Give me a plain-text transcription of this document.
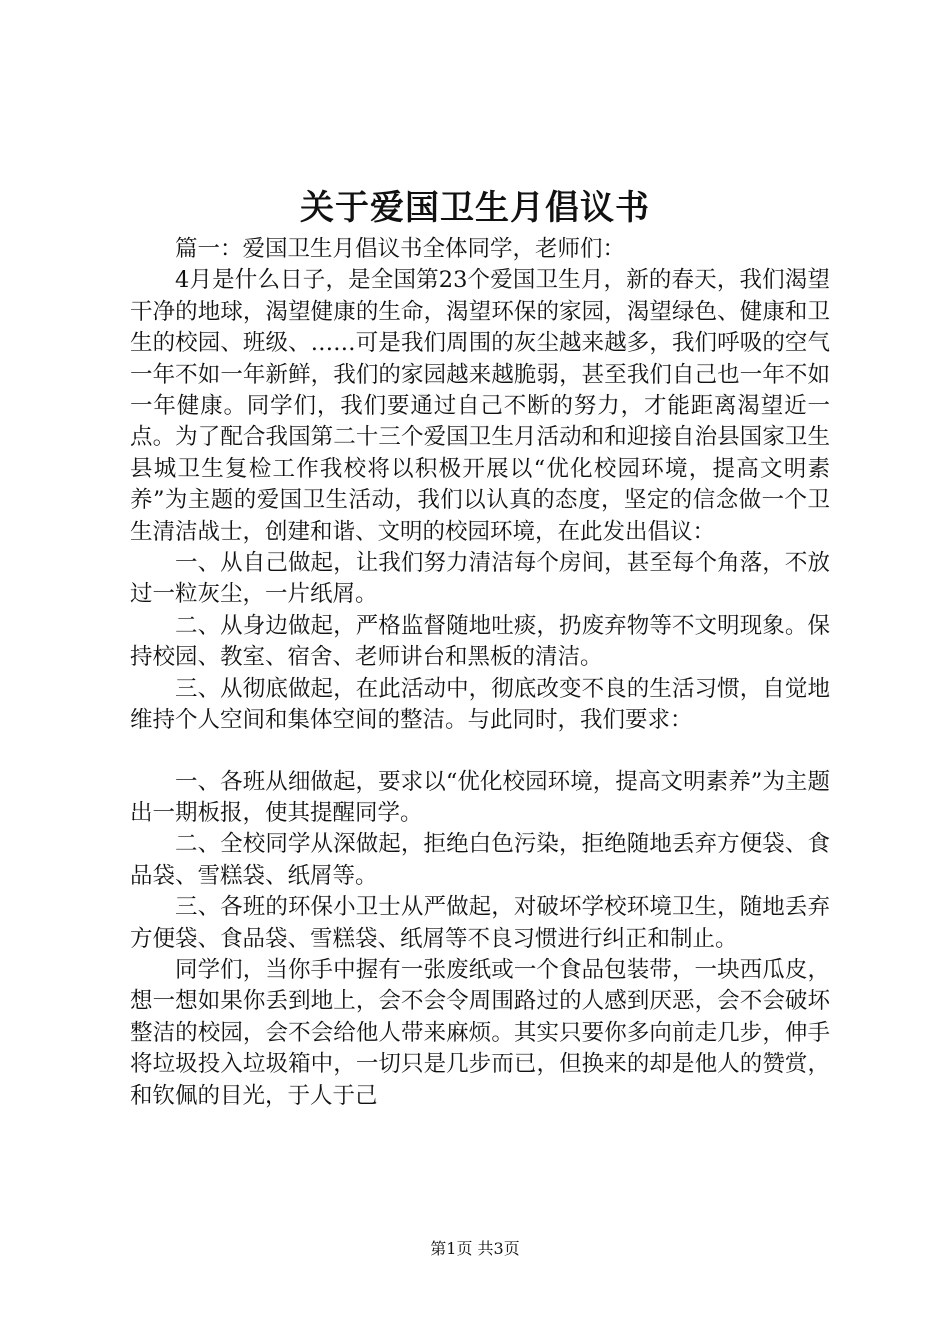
关于爱国卫生月倡议书

篇一：爱国卫生月倡议书全体同学，老师们：

4月是什么日子，是全国第23个爱国卫生月，新的春天，我们渴望干净的地球，渴望健康的生命，渴望环保的家园，渴望绿色、健康和卫生的校园、班级、……可是我们周围的灰尘越来越多，我们呼吸的空气一年不如一年新鲜，我们的家园越来越脆弱，甚至我们自己也一年不如一年健康。同学们，我们要通过自己不断的努力，才能距离渴望近一点。为了配合我国第二十三个爱国卫生月活动和和迎接自治县国家卫生县城卫生复检工作我校将以积极开展以“优化校园环境，提高文明素养”为主题的爱国卫生活动，我们以认真的态度，坚定的信念做一个卫生清洁战士，创建和谐、文明的校园环境，在此发出倡议：

一、从自己做起，让我们努力清洁每个房间，甚至每个角落，不放过一粒灰尘，一片纸屑。

二、从身边做起，严格监督随地吐痰，扔废弃物等不文明现象。保持校园、教室、宿舍、老师讲台和黑板的清洁。

三、从彻底做起，在此活动中，彻底改变不良的生活习惯，自觉地维持个人空间和集体空间的整洁。与此同时，我们要求：

一、各班从细做起，要求以“优化校园环境，提高文明素养”为主题出一期板报，使其提醒同学。

二、全校同学从深做起，拒绝白色污染，拒绝随地丢弃方便袋、食品袋、雪糕袋、纸屑等。

三、各班的环保小卫士从严做起，对破坏学校环境卫生，随地丢弃方便袋、食品袋、雪糕袋、纸屑等不良习惯进行纠正和制止。

同学们，当你手中握有一张废纸或一个食品包装带，一块西瓜皮，想一想如果你丢到地上，会不会令周围路过的人感到厌恶，会不会破坏整洁的校园，会不会给他人带来麻烦。其实只要你多向前走几步，伸手将垃圾投入垃圾箱中，一切只是几步而已，但换来的却是他人的赞赏，和钦佩的目光，于人于己

第1页 共3页
